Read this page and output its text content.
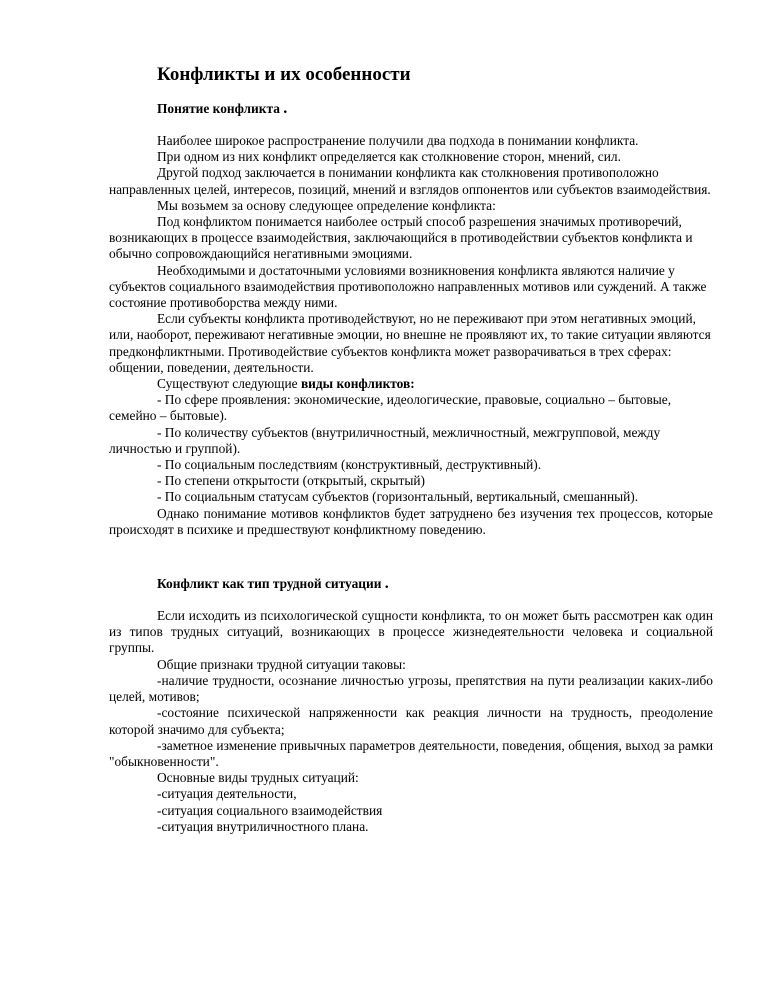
Конфликты и их особенности
Понятие конфликта .

Наиболее широкое распространение получили два подхода в понимании конфликта.

При одном из них конфликт определяется как столкновение сторон, мнений, сил.

Другой подход заключается в понимании конфликта как столкновения противоположно направленных целей, интересов, позиций, мнений и взглядов оппонентов или субъектов взаимодействия.

Мы возьмем за основу следующее определение конфликта:

Под конфликтом понимается наиболее острый способ разрешения значимых противоречий, возникающих в процессе взаимодействия, заключающийся в противодействии субъектов конфликта и обычно сопровождающийся негативными эмоциями.

Необходимыми и достаточными условиями возникновения конфликта являются наличие у субъектов социального взаимодействия противоположно направленных мотивов или суждений. А также состояние противоборства между ними.

Если субъекты конфликта противодействуют, но не переживают при этом негативных эмоций, или, наоборот, переживают негативные эмоции, но внешне не проявляют их, то такие ситуации являются предконфликтными. Противодействие субъектов конфликта может разворачиваться в трех сферах: общении, поведении, деятельности.

Существуют следующие виды конфликтов:

- По сфере проявления: экономические, идеологические, правовые, социально – бытовые, семейно – бытовые).

- По количеству субъектов (внутриличностный, межличностный, межгрупповой, между личностью и группой).

- По социальным последствиям (конструктивный, деструктивный).

- По степени открытости (открытый, скрытый)

- По социальным статусам субъектов (горизонтальный, вертикальный, смешанный).

Однако понимание мотивов конфликтов будет затруднено без изучения тех процессов, которые происходят в психике и предшествуют конфликтному поведению.

Конфликт как тип трудной ситуации .

Если исходить из психологической сущности конфликта, то он может быть рассмотрен как один из типов трудных ситуаций, возникающих в процессе жизнедеятельности человека и социальной группы.

Общие признаки трудной ситуации таковы:

-наличие трудности, осознание личностью угрозы, препятствия на пути реализации каких-либо целей, мотивов;

-состояние психической напряженности как реакция личности на трудность, преодоление которой значимо для субъекта;

-заметное изменение привычных параметров деятельности, поведения, общения, выход за рамки "обыкновенности".

Основные виды трудных ситуаций:

-ситуация деятельности,

-ситуация социального взаимодействия

-ситуация внутриличностного плана.
